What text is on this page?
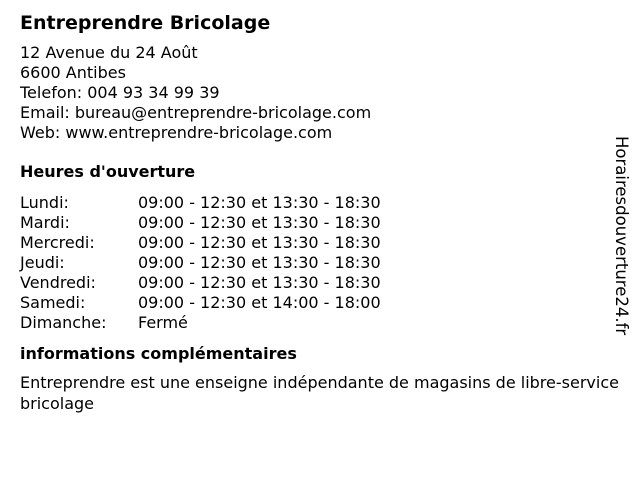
Entreprendre Bricolage
12 Avenue du 24 Août
6600 Antibes
Telefon: 004 93 34 99 39
Email: bureau@entreprendre-bricolage.com
Web: www.entreprendre-bricolage.com
Heures d'ouverture
Lundi:	09:00 - 12:30 et 13:30 - 18:30
Mardi:	09:00 - 12:30 et 13:30 - 18:30
Mercredi:	09:00 - 12:30 et 13:30 - 18:30
Jeudi:	09:00 - 12:30 et 13:30 - 18:30
Vendredi:	09:00 - 12:30 et 13:30 - 18:30
Samedi:	09:00 - 12:30 et 14:00 - 18:00
Dimanche:	Fermé
informations complémentaires
Entreprendre est une enseigne indépendante de magasins de libre-service bricolage
Horairesdouverture24.fr
